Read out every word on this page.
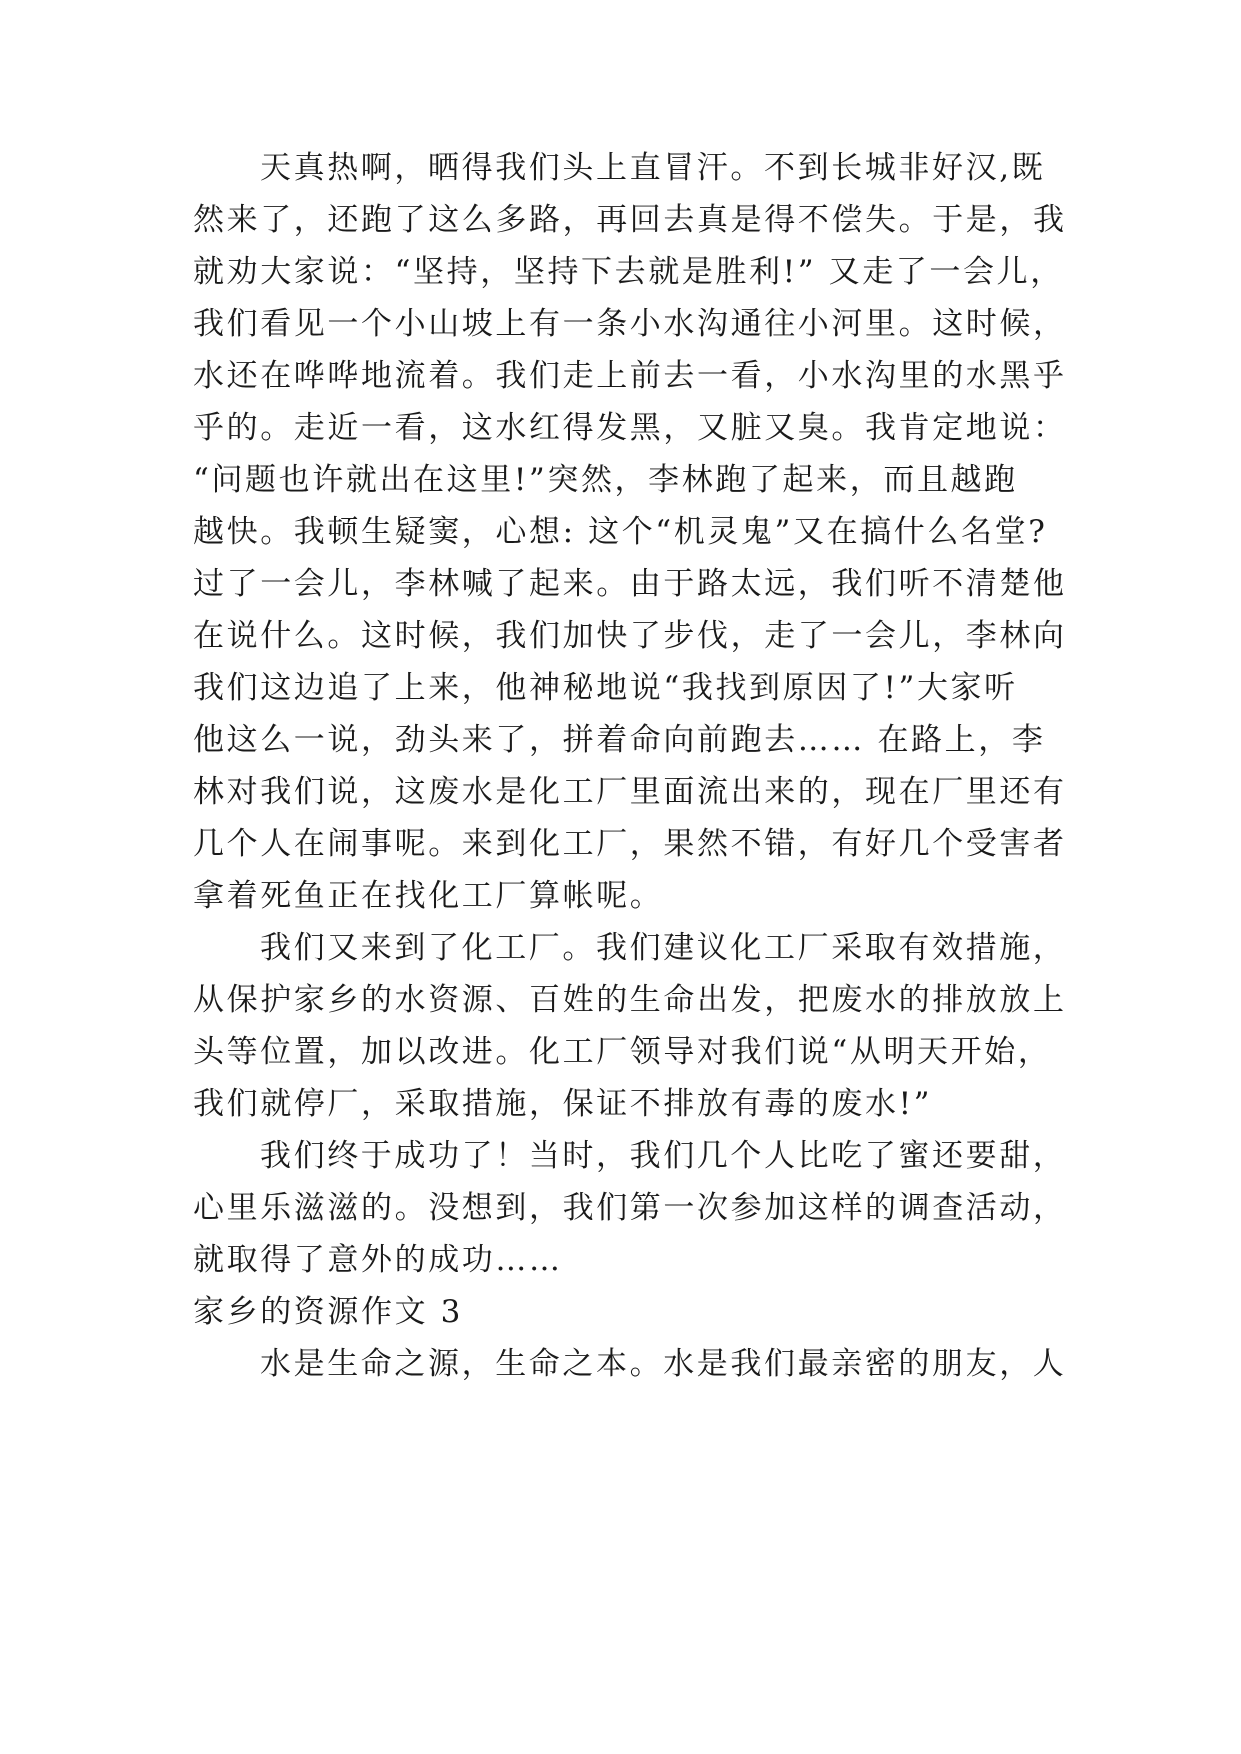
天真热啊，晒得我们头上直冒汗。不到长城非好汉,既
然来了，还跑了这么多路，再回去真是得不偿失。于是，我
就劝大家说：“坚持，坚持下去就是胜利!” 又走了一会儿，
我们看见一个小山坡上有一条小水沟通往小河里。这时候，
水还在哗哗地流着。我们走上前去一看，小水沟里的水黑乎
乎的。走近一看，这水红得发黑，又脏又臭。我肯定地说：
“问题也许就出在这里!”突然，李林跑了起来，而且越跑
越快。我顿生疑窦，心想: 这个“机灵鬼”又在搞什么名堂?
过了一会儿，李林喊了起来。由于路太远，我们听不清楚他
在说什么。这时候，我们加快了步伐，走了一会儿，李林向
我们这边追了上来，他神秘地说“我找到原因了!”大家听
他这么一说，劲头来了，拼着命向前跑去…… 在路上，李
林对我们说，这废水是化工厂里面流出来的，现在厂里还有
几个人在闹事呢。来到化工厂，果然不错，有好几个受害者
拿着死鱼正在找化工厂算帐呢。
我们又来到了化工厂。我们建议化工厂采取有效措施，
从保护家乡的水资源、百姓的生命出发，把废水的排放放上
头等位置，加以改进。化工厂领导对我们说“从明天开始，
我们就停厂，采取措施，保证不排放有毒的废水!”
我们终于成功了！当时，我们几个人比吃了蜜还要甜，
心里乐滋滋的。没想到，我们第一次参加这样的调查活动，
就取得了意外的成功……
家乡的资源作文 3
水是生命之源，生命之本。水是我们最亲密的朋友，人
